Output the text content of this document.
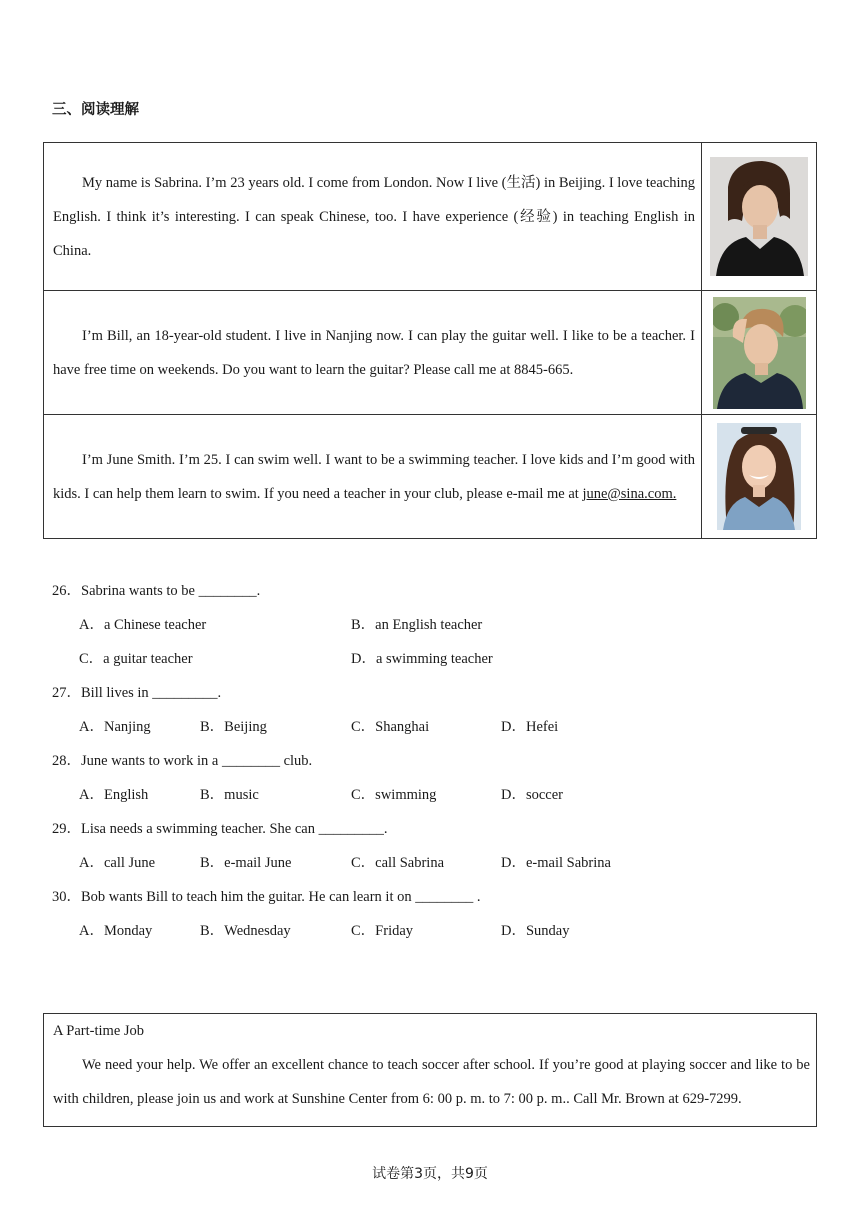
三、阅读理解

My name is Sabrina. I’m 23 years old. I come from London. Now I live (生活) in Beijing. I love teaching English. I think it’s interesting. I can speak Chinese, too. I have experience (经验) in teaching English in China.

I’m Bill, an 18-year-old student. I live in Nanjing now. I can play the guitar well. I like to be a teacher. I have free time on weekends. Do you want to learn the guitar? Please call me at 8845-665.

I’m June Smith. I’m 25. I can swim well. I want to be a swimming teacher. I love kids and I’m good with kids. I can help them learn to swim. If you need a teacher in your club, please e-mail me at june@sina.com.

26．Sabrina wants to be ________.
A．a Chinese teacher	B．an English teacher
C．a guitar teacher	D．a swimming teacher
27．Bill lives in _________.
A．Nanjing	B．Beijing	C．Shanghai	D．Hefei
28．June wants to work in a ________ club.
A．English	B．music	C．swimming	D．soccer
29．Lisa needs a swimming teacher. She can _________.
A．call June	B．e-mail June	C．call Sabrina	D．e-mail Sabrina
30．Bob wants Bill to teach him the guitar. He can learn it on ________ .
A．Monday	B．Wednesday	C．Friday	D．Sunday
A Part-time Job

We need your help. We offer an excellent chance to teach soccer after school. If you’re good at playing soccer and like to be with children, please join us and work at Sunshine Center from 6: 00 p. m. to 7: 00 p. m.. Call Mr. Brown at 629-7299.

试卷第3页，共9页
